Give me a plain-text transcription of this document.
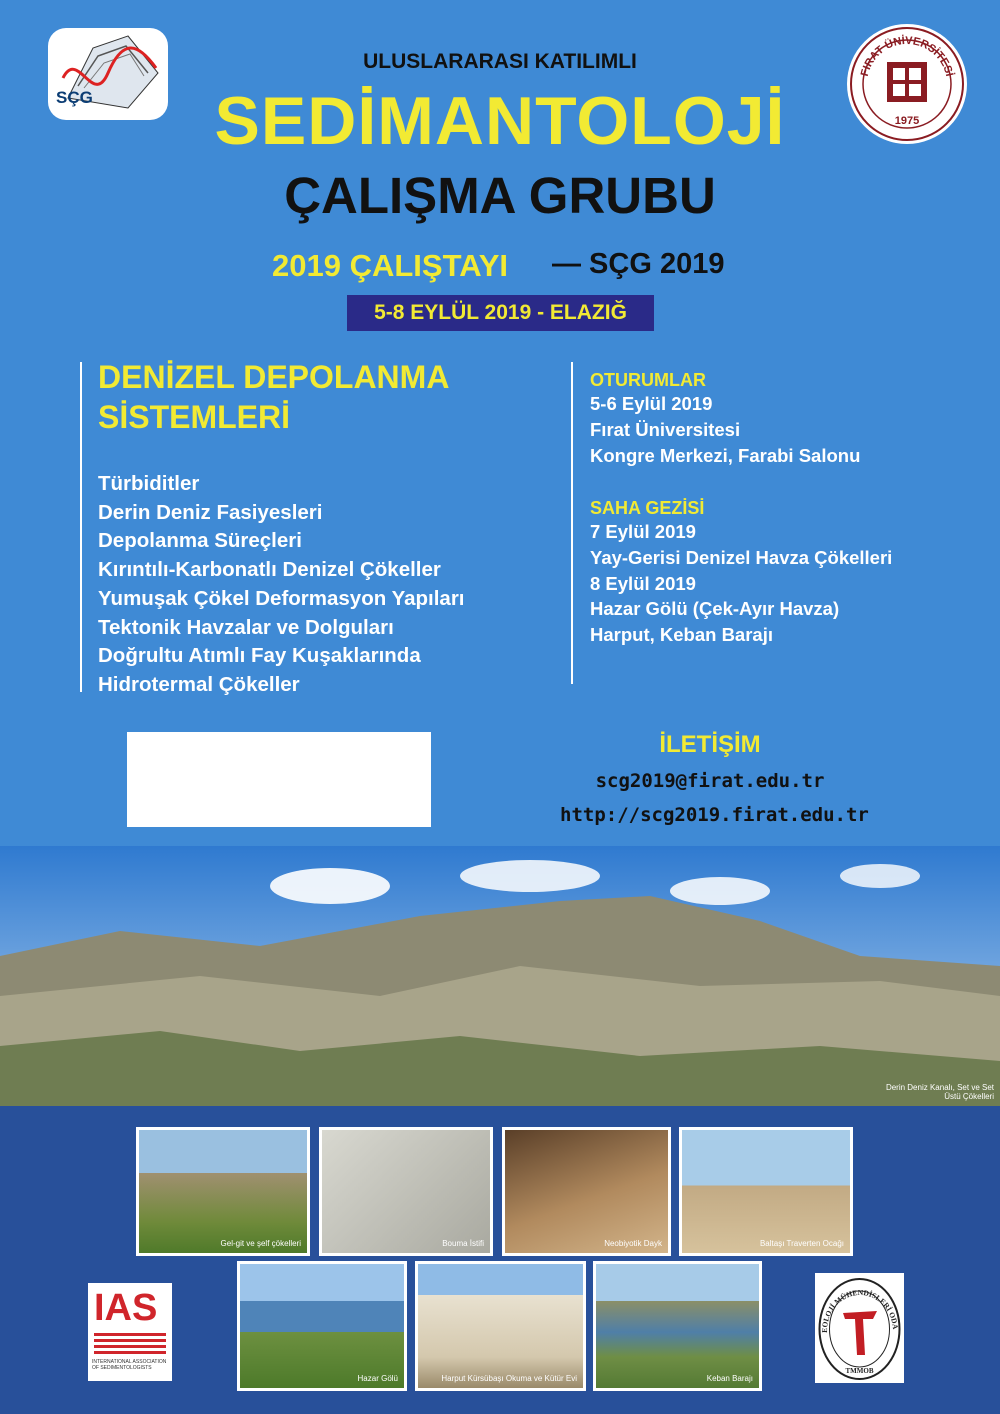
SÇG
FIRAT ÜNİVERSİTESİ
1975
ULUSLARARASI KATILIMLI
SEDİMANTOLOJİ
ÇALIŞMA GRUBU
2019 ÇALIŞTAYI — SÇG 2019
5-8 EYLÜL 2019 - ELAZIĞ
DENİZEL DEPOLANMA SİSTEMLERİ
Türbiditler
Derin Deniz Fasiyesleri
Depolanma Süreçleri
Kırıntılı-Karbonatlı Denizel Çökeller
Yumuşak Çökel Deformasyon Yapıları
Tektonik Havzalar ve Dolguları
Doğrultu Atımlı Fay Kuşaklarında
Hidrotermal Çökeller
OTURUMLAR
5-6 Eylül 2019
Fırat Üniversitesi
Kongre Merkezi, Farabi Salonu
SAHA GEZİSİ
7 Eylül 2019
Yay-Gerisi Denizel Havza Çökelleri
8 Eylül 2019
Hazar Gölü (Çek-Ayır Havza)
Harput, Keban Barajı
İLETİŞİM
scg2019@firat.edu.tr
http://scg2019.firat.edu.tr
Derin Deniz Kanalı, Set ve Set Üstü Çökelleri
Gel-git ve şelf çökelleri	Bouma İstifi	Neobiyotik Dayk	Baltaşı Traverten Ocağı
Hazar Gölü	Harput Kürsübaşı Okuma ve Kütür Evi	Keban Barajı
IAS
INTERNATIONAL ASSOCIATION OF SEDIMENTOLOGISTS
EOLOJİ MÜHENDİSLERİ ODA
TMMOB
